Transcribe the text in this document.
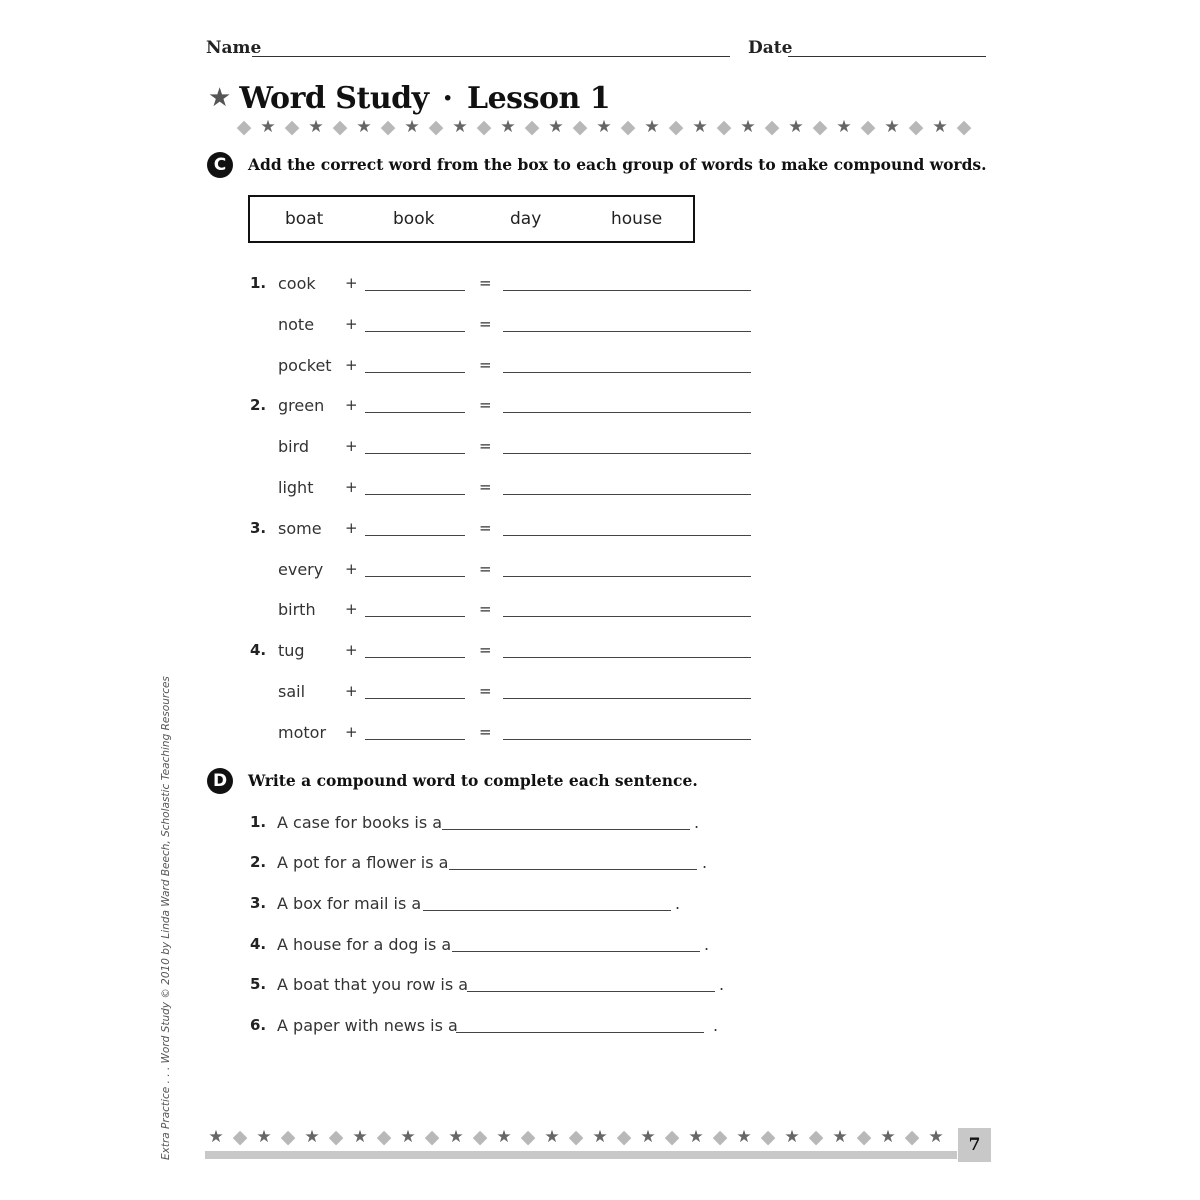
Name	Date
★ Word Study · Lesson 1
◆ ★ ◆ ★ ◆ ★ ◆ ★ ◆ ★ ◆ ★ ◆ ★ ◆ ★ ◆ ★ ◆ ★ ◆ ★ ◆ ★ ◆ ★ ◆ ★ ◆ ★ ◆
C	Add the correct word from the box to each group of words to make compound words.
boat	book	day	house
1. cook +	=
note +	=
pocket +	=
2. green +	=
bird +	=
light +	=
3. some +	=
every +	=
birth +	=
4. tug	+	=
sail	+	=
motor +	=
D	Write a compound word to complete each sentence.
1. A case for books is a	.
2. A pot for a flower is a	.
3. A box for mail is a	.
4. A house for a dog is a	.
5. A boat that you row is a	.
6. A paper with news is a	.
Extra Practice . . . Word Study © 2010 by Linda Ward Beech, Scholastic Teaching Resources ★ ◆ ★ ◆ ★ ◆ ★ ◆ ★ ◆ ★ ◆ ★ ◆ ★ ◆ ★ ◆ ★ ◆ ★ ◆ ★ ◆ ★ ◆ ★ ◆ ★ ◆ ★	7
